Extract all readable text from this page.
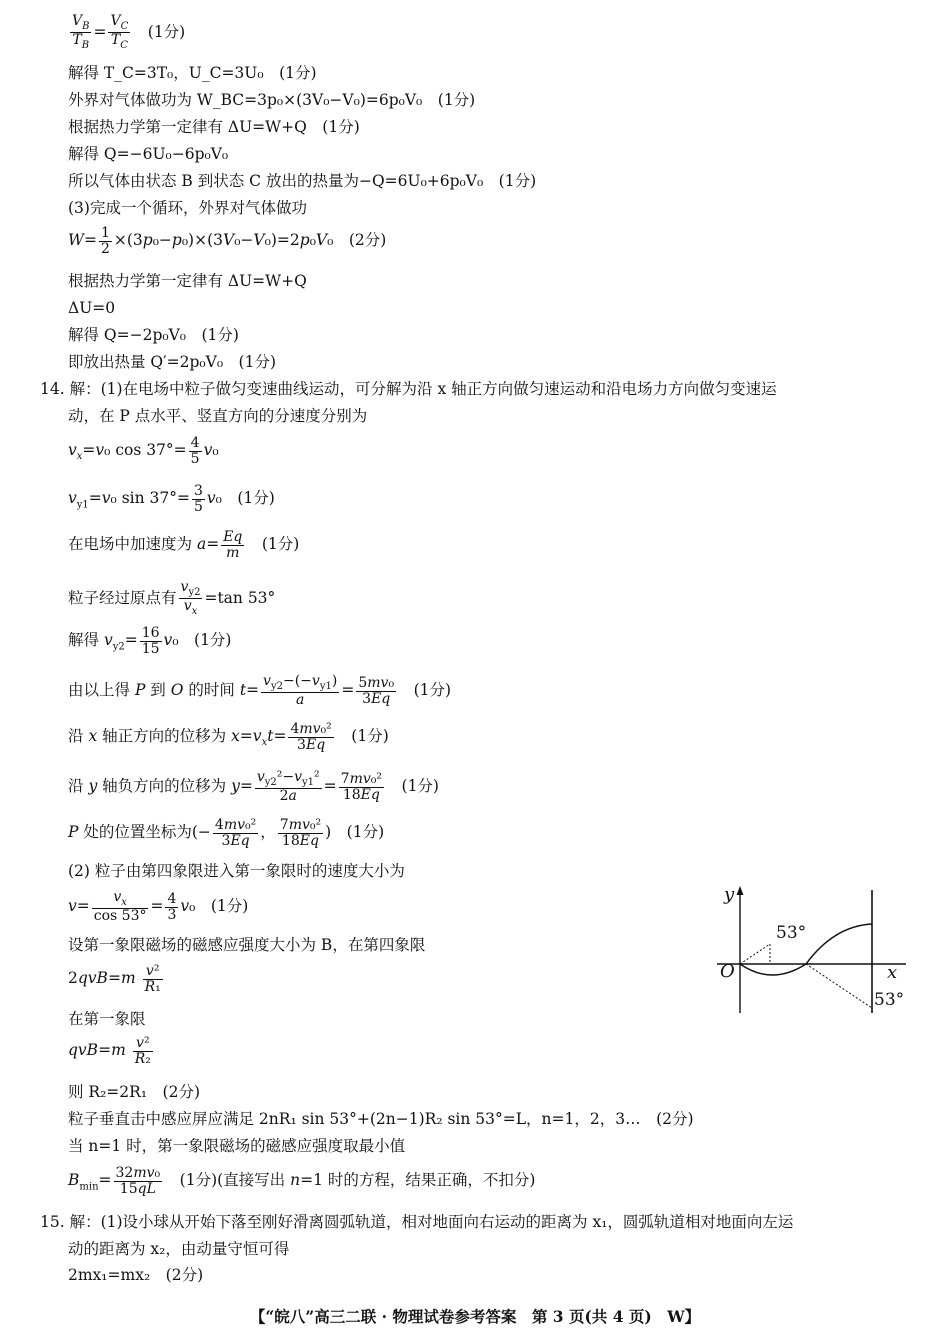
$\frac{V_B}{T_B} = \frac{V_C}{T_C}$ 　(1分)
解得 T_C=3T₀，U_C=3U₀　(1分)
外界对气体做功为 W_BC=3p₀×(3V₀−V₀)=6p₀V₀　(1分)
根据热力学第一定律有 ΔU=W+Q　(1分)
解得 Q=−6U₀−6p₀V₀
所以气体由状态 B 到状态 C 放出的热量为−Q=6U₀+6p₀V₀　(1分)
(3)完成一个循环，外界对气体做功
$W= \frac{1}{2} \times(3p_0-p_0)\times(3V_0-V_0)=2p_0V_0$　(2分)
根据热力学第一定律有 ΔU=W+Q
ΔU=0
解得 Q=−2p₀V₀　(1分)
即放出热量 Q′=2p₀V₀　(1分)
14. 解：(1)在电场中粒子做匀变速曲线运动，可分解为沿 x 轴正方向做匀速运动和沿电场力方向做匀变速运
动，在 P 点水平、竖直方向的分速度分别为
$v_x=v_0$ $\cos 37^\circ= \frac{4}{5} v_0$
$v_{y1}=v_0$ $\sin 37^\circ= \frac{3}{5} v_0$　(1分)
在电场中加速度为 $a= \frac{Eq}{m}$ 　(1分)
粒子经过原点有 $\frac{v_{y2}}{v_x} =\tan$ 53°
解得 $v_{y2}= \frac{16}{15} v_0$　(1分)
由以上得 P 到 O 的时间 $t= \frac{v_{y2}-(-v_{y1})}{a} = \frac{\text{5mv₀}}{3Eq}$ 　(1分)
沿 x 轴正方向的位移为 $x=v_xt= \frac{\text{4mv₀²}}{3Eq}$ 　(1分)
沿 y 轴负方向的位移为 $y= \frac{v_{y2}^2-v_{y1}^2}{2a} = \frac{\text{7mv₀²}}{18Eq}$ 　(1分)
P 处的位置坐标为(− $\frac{\text{4mv₀²}}{3Eq}$ ， $\frac{\text{7mv₀²}}{18Eq}$ )　(1分)
(2) 粒子由第四象限进入第一象限时的速度大小为
$v= \frac{v_x}{\cos 53^\circ} = \frac{4}{3} v_0$　(1分)
设第一象限磁场的磁感应强度大小为 B，在第四象限
$2qvB=m \frac{\text{v²}}{\text{R₁}}$
在第一象限
$qvB=m \frac{\text{v²}}{\text{R₂}}$
则 R₂=2R₁　(2分)
粒子垂直击中感应屏应满足 2nR₁ sin 53°+(2n−1)R₂ sin 53°=L，n=1，2，3…　(2分)
当 n=1 时，第一象限磁场的磁感应强度取最小值
$B_{min}= \frac{\text{32mv₀}}{15qL}$ 　(1分)(直接写出 n=1 时的方程，结果正确，不扣分)
15. 解：(1)设小球从开始下落至刚好滑离圆弧轨道，相对地面向右运动的距离为 x₁，圆弧轨道相对地面向左运
动的距离为 x₂，由动量守恒可得
2mx₁=mx₂　(2分)
【“皖八”高三二联 · 物理试卷参考答案　第 3 页(共 4 页)　W】
y
x
O
53°
53°
